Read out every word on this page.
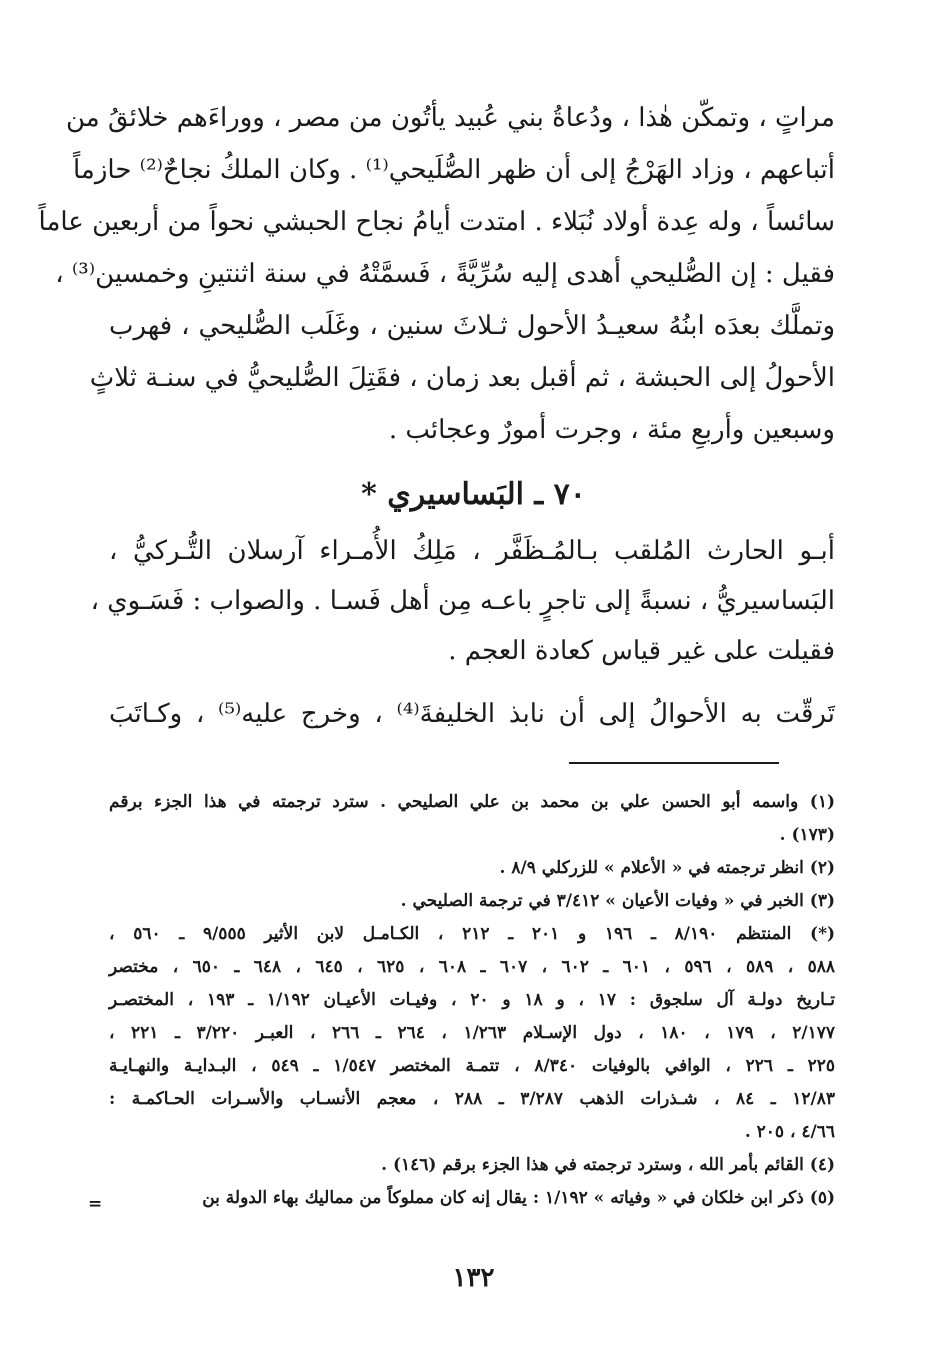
مراتٍ ، وتمكّن هٰذا ، ودُعاةُ بني عُبيد يأتُون من مصر ، ووراءَهم خلائقُ من
أتباعهم ، وزاد الهَرْجُ إلى أن ظهر الصُّلَيحي⁽¹⁾ . وكان الملكُ نجاحٌ⁽²⁾ حازماً
سائساً ، وله عِدة أولاد نُبَلاء . امتدت أيامُ نجاح الحبشي نحواً من أربعين عاماً
فقيل : إن الصُّليحي أهدى إليه سُرِّيَّةً ، فَسمَّتْهُ في سنة اثنتينِ وخمسين⁽³⁾ ،
وتملَّك بعدَه ابنُهُ سعيـدُ الأحول ثـلاثَ سنين ، وغَلَب الصُّليحي ، فهرب
الأحولُ إلى الحبشة ، ثم أقبل بعد زمان ، فقَتِلَ الصُّليحيُّ في سنـة ثلاثٍ
وسبعين وأربعِ مئة ، وجرت أمورٌ وعجائب .
٧٠ ـ البَساسيري *
أبـو الحارث المُلقب بـالمُـظَفَّر ، مَلِكُ الأُمـراء آرسلان التُّـركيُّ ،
البَساسيريُّ ، نسبةً إلى تاجرٍ باعـه مِن أهل فَسـا . والصواب : فَسَـوي ،
فقيلت على غير قياس كعادة العجم .
تَرقّت به الأحوالُ إلى أن نابذ الخليفةَ⁽⁴⁾ ، وخرج عليه⁽⁵⁾ ، وكـاتَبَ
(١) واسمه أبو الحسن علي بن محمد بن علي الصليحي . سترد ترجمته في هذا الجزء برقم
(١٧٣) .
(٢) انظر ترجمته في « الأعلام » للزركلي ٨/٩ .
(٣) الخبر في « وفيات الأعيان » ٣/٤١٢ في ترجمة الصليحي .
(*) المنتظم ٨/١٩٠ ـ ١٩٦ و ٢٠١ ـ ٢١٢ ، الكـامـل لابن الأثير ٩/٥٥٥ ـ ٥٦٠ ،
٥٨٨ ، ٥٨٩ ، ٥٩٦ ، ٦٠١ ـ ٦٠٢ ، ٦٠٧ ـ ٦٠٨ ، ٦٢٥ ، ٦٤٥ ، ٦٤٨ ـ ٦٥٠ ، مختصر
تـاريخ دولـة آل سلجوق : ١٧ ، و ١٨ و ٢٠ ، وفيـات الأعيـان ١/١٩٢ ـ ١٩٣ ، المختصـر
٢/١٧٧ ، ١٧٩ ، ١٨٠ ، دول الإسـلام ١/٢٦٣ ، ٢٦٤ ـ ٢٦٦ ، العبـر ٣/٢٢٠ ـ ٢٢١ ،
٢٢٥ ـ ٢٢٦ ، الوافي بالوفيات ٨/٣٤٠ ، تتمـة المختصر ١/٥٤٧ ـ ٥٤٩ ، البـدايـة والنهـايـة
١٢/٨٣ ـ ٨٤ ، شـذرات الذهب ٣/٢٨٧ ـ ٢٨٨ ، معجم الأنسـاب والأسـرات الحـاكمـة :
٤/٦٦ ، ٢٠٥ .
(٤) القائم بأمر الله ، وسترد ترجمته في هذا الجزء برقم (١٤٦) .
(٥) ذكر ابن خلكان في « وفياته » ١/١٩٢ : يقال إنه كان مملوكاً من مماليك بهاء الدولة بن
=
١٣٢
